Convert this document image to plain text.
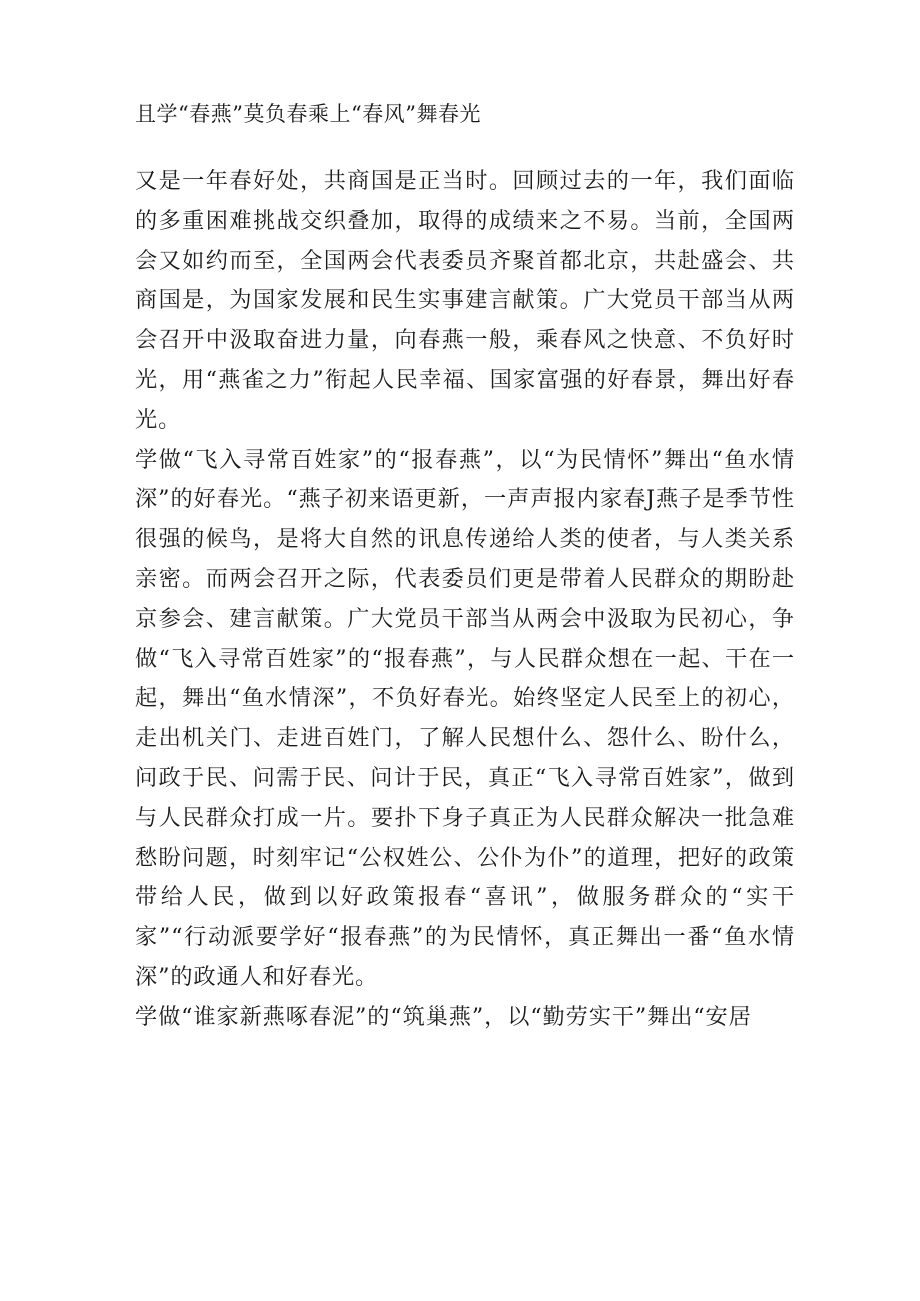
且学“春燕”莫负春乘上“春风”舞春光

又是一年春好处，共商国是正当时。回顾过去的一年，我们面临的多重困难挑战交织叠加，取得的成绩来之不易。当前，全国两会又如约而至，全国两会代表委员齐聚首都北京，共赴盛会、共商国是，为国家发展和民生实事建言献策。广大党员干部当从两会召开中汲取奋进力量，向春燕一般，乘春风之快意、不负好时光，用“燕雀之力”衔起人民幸福、国家富强的好春景，舞出好春光。

学做“飞入寻常百姓家”的“报春燕”，以“为民情怀”舞出“鱼水情深”的好春光。“燕子初来语更新，一声声报内家春J燕子是季节性很强的候鸟，是将大自然的讯息传递给人类的使者，与人类关系亲密。而两会召开之际，代表委员们更是带着人民群众的期盼赴京参会、建言献策。广大党员干部当从两会中汲取为民初心，争做“飞入寻常百姓家”的“报春燕”，与人民群众想在一起、干在一起，舞出“鱼水情深”，不负好春光。始终坚定人民至上的初心，走出机关门、走进百姓门，了解人民想什么、怨什么、盼什么，问政于民、问需于民、问计于民，真正“飞入寻常百姓家”，做到与人民群众打成一片。要扑下身子真正为人民群众解决一批急难愁盼问题，时刻牢记“公权姓公、公仆为仆”的道理，把好的政策带给人民，做到以好政策报春“喜讯”，做服务群众的“实干家”“行动派要学好“报春燕”的为民情怀，真正舞出一番“鱼水情深”的政通人和好春光。

学做“谁家新燕啄春泥”的“筑巢燕”，以“勤劳实干”舞出“安居
